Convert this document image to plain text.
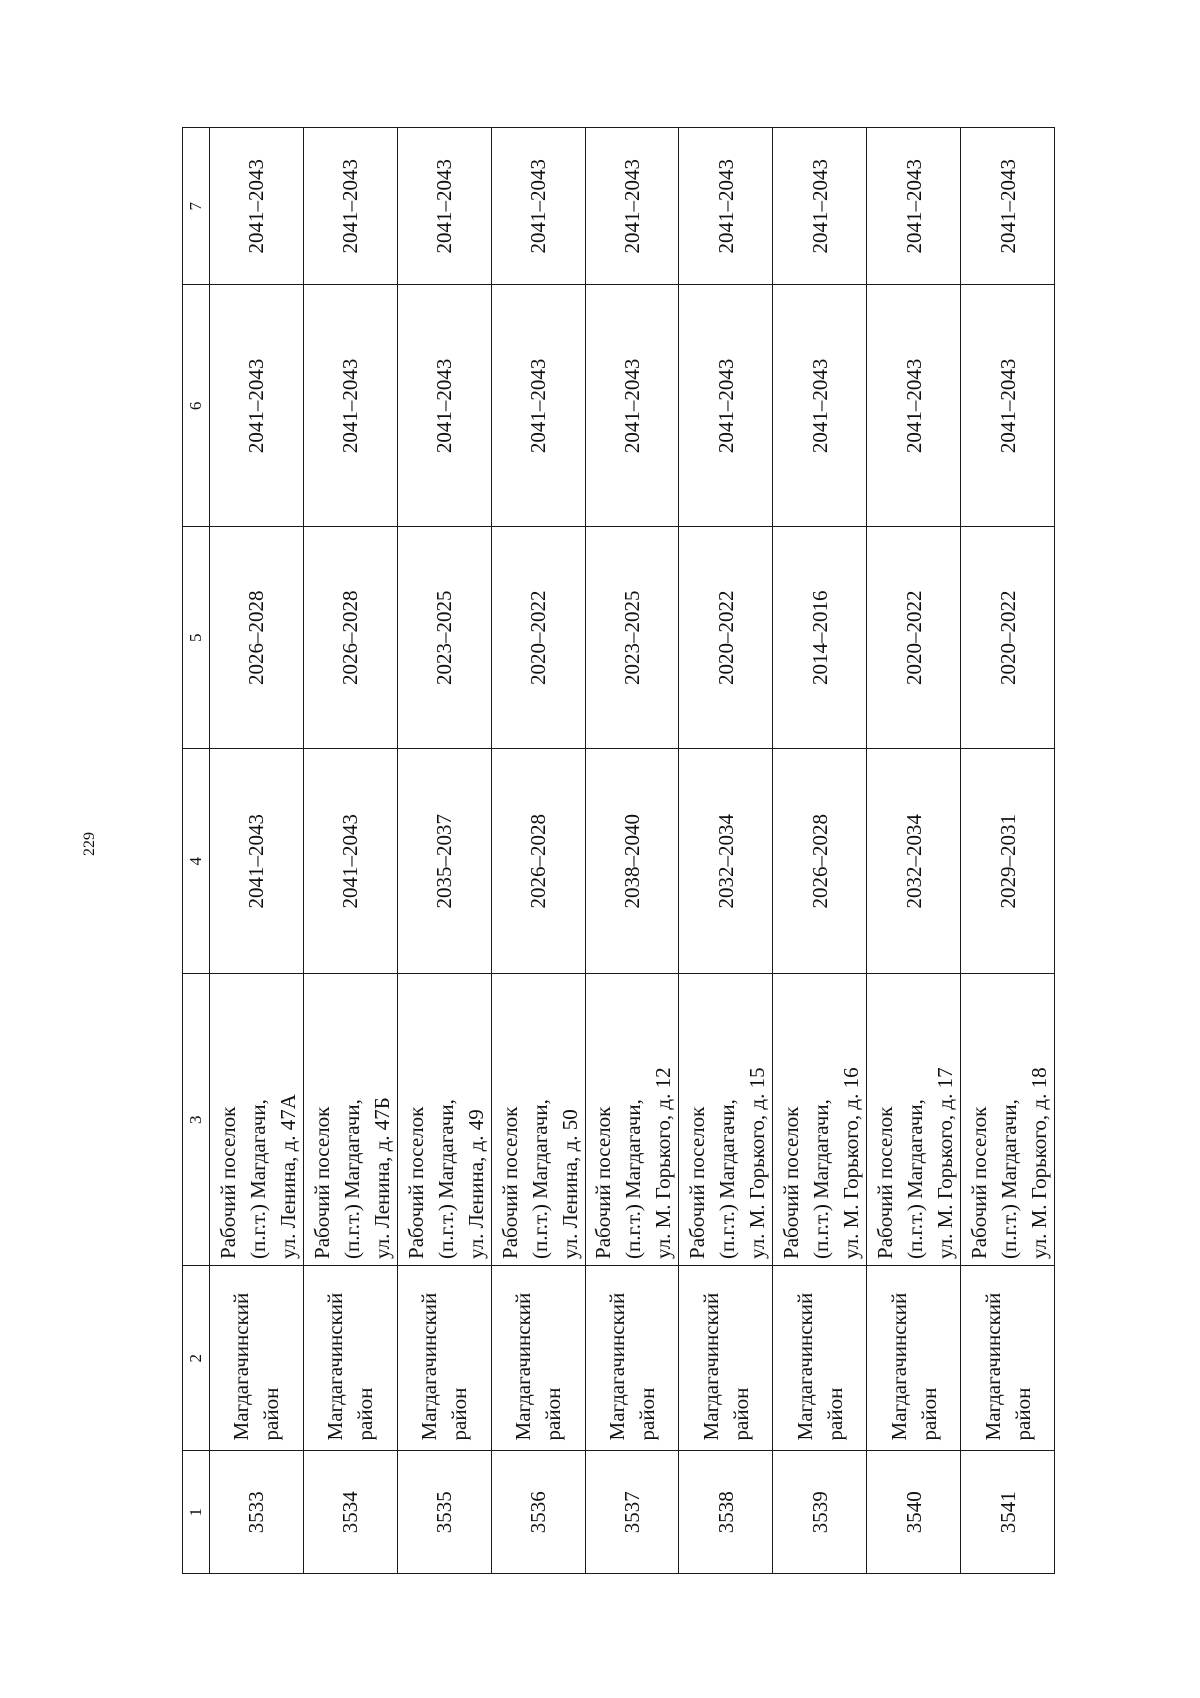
229
1	2	3	4	5	6	7
3533	Магдагачинский район	Рабочий поселок (п.г.т.) Магдагачи, ул. Ленина, д. 47А	2041–2043	2026–2028	2041–2043	2041–2043
3534	Магдагачинский район	Рабочий поселок (п.г.т.) Магдагачи, ул. Ленина, д. 47Б	2041–2043	2026–2028	2041–2043	2041–2043
3535	Магдагачинский район	Рабочий поселок (п.г.т.) Магдагачи, ул. Ленина, д. 49	2035–2037	2023–2025	2041–2043	2041–2043
3536	Магдагачинский район	Рабочий поселок (п.г.т.) Магдагачи, ул. Ленина, д. 50	2026–2028	2020–2022	2041–2043	2041–2043
3537	Магдагачинский район	Рабочий поселок (п.г.т.) Магдагачи, ул. М. Горького, д. 12	2038–2040	2023–2025	2041–2043	2041–2043
3538	Магдагачинский район	Рабочий поселок (п.г.т.) Магдагачи, ул. М. Горького, д. 15	2032–2034	2020–2022	2041–2043	2041–2043
3539	Магдагачинский район	Рабочий поселок (п.г.т.) Магдагачи, ул. М. Горького, д. 16	2026–2028	2014–2016	2041–2043	2041–2043
3540	Магдагачинский район	Рабочий поселок (п.г.т.) Магдагачи, ул. М. Горького, д. 17	2032–2034	2020–2022	2041–2043	2041–2043
3541	Магдагачинский район	Рабочий поселок (п.г.т.) Магдагачи, ул. М. Горького, д. 18	2029–2031	2020–2022	2041–2043	2041–2043
